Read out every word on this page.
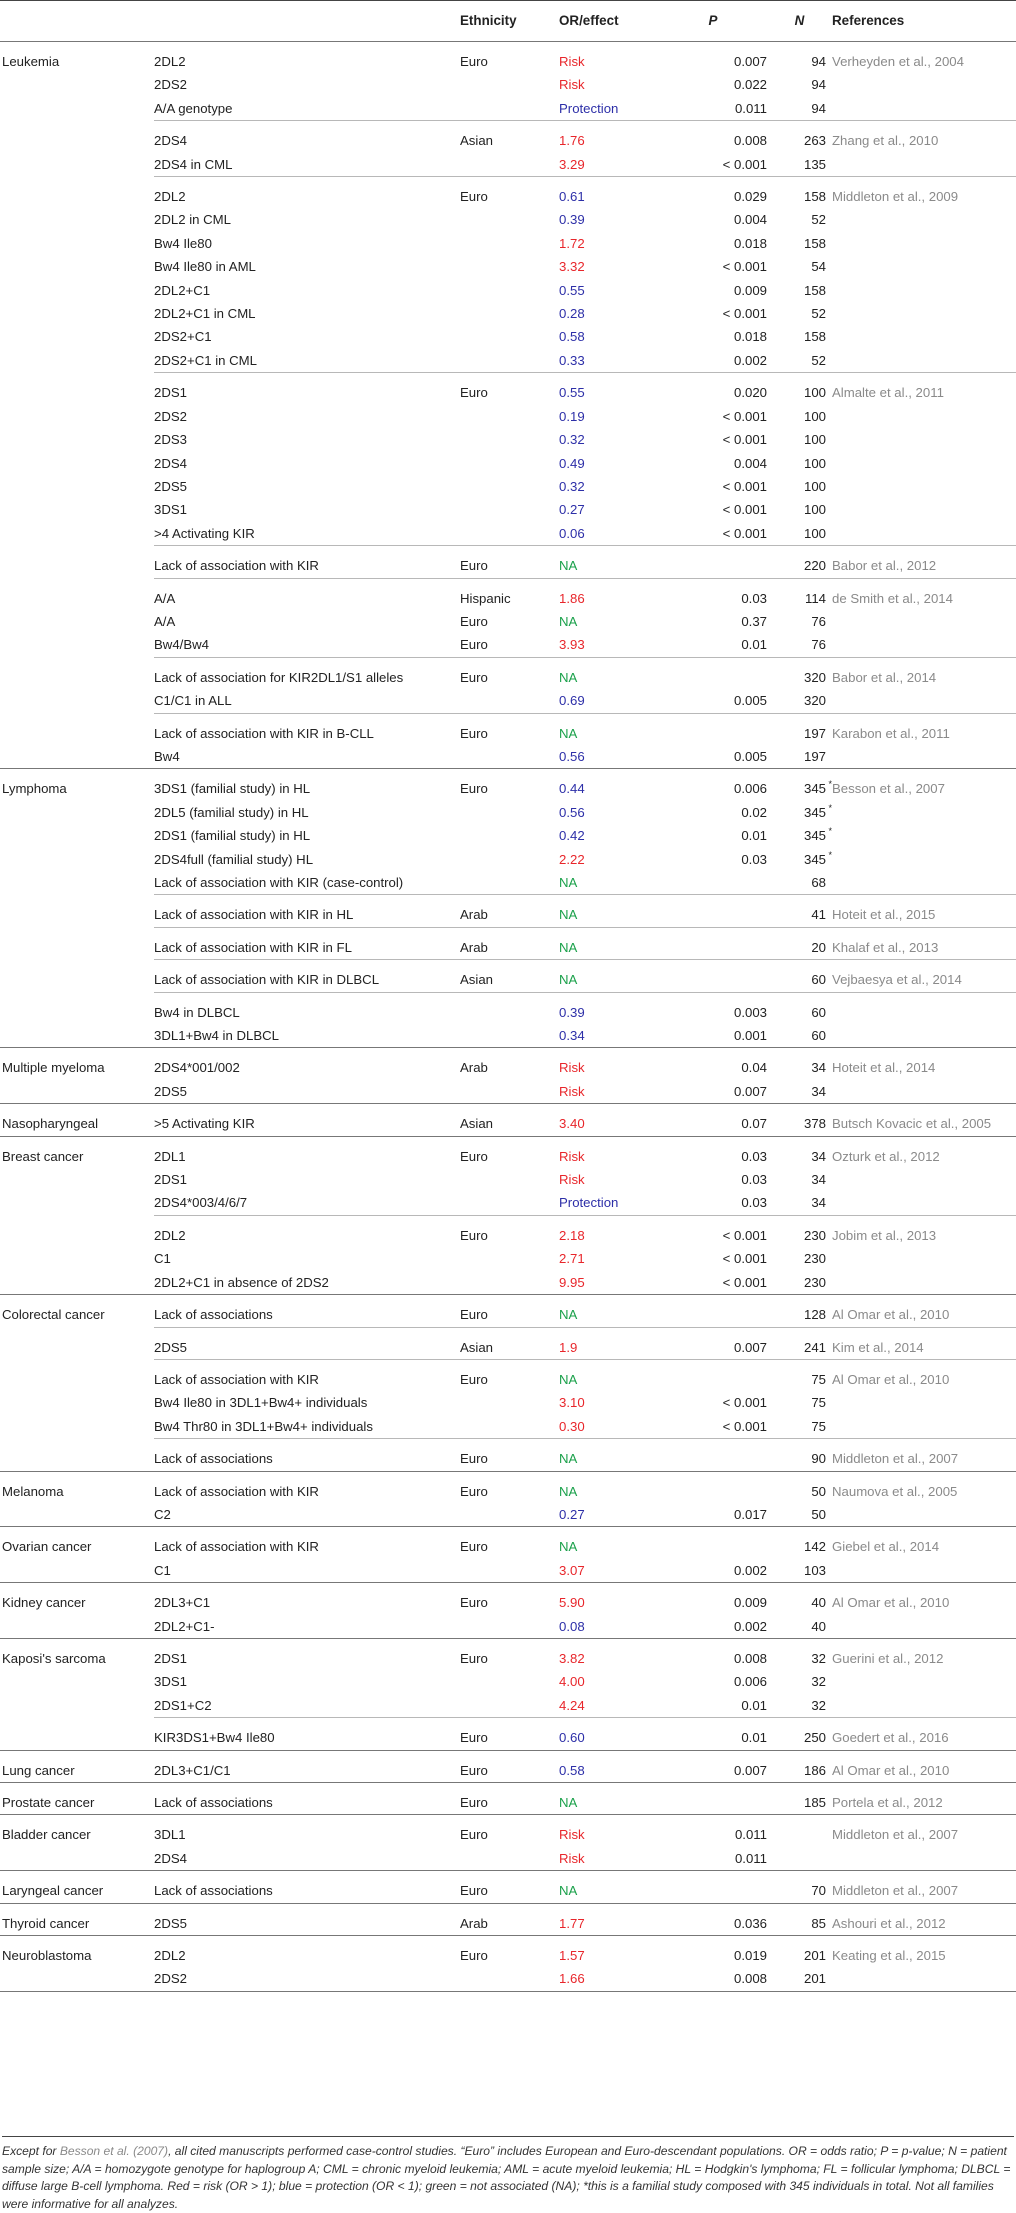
		Ethnicity	OR/effect	P	N	References
Leukemia	2DL2	Euro	Risk	0.007	94	Verheyden et al., 2004
	2DS2		Risk	0.022	94	
	A/A genotype		Protection	0.011	94	
	2DS4	Asian	1.76	0.008	263	Zhang et al., 2010
	2DS4 in CML		3.29	< 0.001	135	
	2DL2	Euro	0.61	0.029	158	Middleton et al., 2009
	2DL2 in CML		0.39	0.004	52	
	Bw4 Ile80		1.72	0.018	158	
	Bw4 Ile80 in AML		3.32	< 0.001	54	
	2DL2+C1		0.55	0.009	158	
	2DL2+C1 in CML		0.28	< 0.001	52	
	2DS2+C1		0.58	0.018	158	
	2DS2+C1 in CML		0.33	0.002	52	
	2DS1	Euro	0.55	0.020	100	Almalte et al., 2011
	2DS2		0.19	< 0.001	100	
	2DS3		0.32	< 0.001	100	
	2DS4		0.49	0.004	100	
	2DS5		0.32	< 0.001	100	
	3DS1		0.27	< 0.001	100	
	>4 Activating KIR		0.06	< 0.001	100	
	Lack of association with KIR	Euro	NA		220	Babor et al., 2012
	A/A	Hispanic	1.86	0.03	114	de Smith et al., 2014
	A/A	Euro	NA	0.37	76	
	Bw4/Bw4	Euro	3.93	0.01	76	
	Lack of association for KIR2DL1/S1 alleles	Euro	NA		320	Babor et al., 2014
	C1/C1 in ALL		0.69	0.005	320	
	Lack of association with KIR in B-CLL	Euro	NA		197	Karabon et al., 2011
	Bw4		0.56	0.005	197	
Lymphoma	3DS1 (familial study) in HL	Euro	0.44	0.006	345 *	Besson et al., 2007
	2DL5 (familial study) in HL		0.56	0.02	345 *	
	2DS1 (familial study) in HL		0.42	0.01	345 *	
	2DS4full (familial study) HL		2.22	0.03	345 *	
	Lack of association with KIR (case-control)		NA		68	
	Lack of association with KIR in HL	Arab	NA		41	Hoteit et al., 2015
	Lack of association with KIR in FL	Arab	NA		20	Khalaf et al., 2013
	Lack of association with KIR in DLBCL	Asian	NA		60	Vejbaesya et al., 2014
	Bw4 in DLBCL		0.39	0.003	60	
	3DL1+Bw4 in DLBCL		0.34	0.001	60	
Multiple myeloma	2DS4*001/002	Arab	Risk	0.04	34	Hoteit et al., 2014
	2DS5		Risk	0.007	34	
Nasopharyngeal	>5 Activating KIR	Asian	3.40	0.07	378	Butsch Kovacic et al., 2005
Breast cancer	2DL1	Euro	Risk	0.03	34	Ozturk et al., 2012
	2DS1		Risk	0.03	34	
	2DS4*003/4/6/7		Protection	0.03	34	
	2DL2	Euro	2.18	< 0.001	230	Jobim et al., 2013
	C1		2.71	< 0.001	230	
	2DL2+C1 in absence of 2DS2		9.95	< 0.001	230	
Colorectal cancer	Lack of associations	Euro	NA		128	Al Omar et al., 2010
	2DS5	Asian	1.9	0.007	241	Kim et al., 2014
	Lack of association with KIR	Euro	NA		75	Al Omar et al., 2010
	Bw4 Ile80 in 3DL1+Bw4+ individuals		3.10	< 0.001	75	
	Bw4 Thr80 in 3DL1+Bw4+ individuals		0.30	< 0.001	75	
	Lack of associations	Euro	NA		90	Middleton et al., 2007
Melanoma	Lack of association with KIR	Euro	NA		50	Naumova et al., 2005
	C2		0.27	0.017	50	
Ovarian cancer	Lack of association with KIR	Euro	NA		142	Giebel et al., 2014
	C1		3.07	0.002	103	
Kidney cancer	2DL3+C1	Euro	5.90	0.009	40	Al Omar et al., 2010
	2DL2+C1-		0.08	0.002	40	
Kaposi's sarcoma	2DS1	Euro	3.82	0.008	32	Guerini et al., 2012
	3DS1		4.00	0.006	32	
	2DS1+C2		4.24	0.01	32	
	KIR3DS1+Bw4 Ile80	Euro	0.60	0.01	250	Goedert et al., 2016
Lung cancer	2DL3+C1/C1	Euro	0.58	0.007	186	Al Omar et al., 2010
Prostate cancer	Lack of associations	Euro	NA		185	Portela et al., 2012
Bladder cancer	3DL1	Euro	Risk	0.011		Middleton et al., 2007
	2DS4		Risk	0.011		
Laryngeal cancer	Lack of associations	Euro	NA		70	Middleton et al., 2007
Thyroid cancer	2DS5	Arab	1.77	0.036	85	Ashouri et al., 2012
Neuroblastoma	2DL2	Euro	1.57	0.019	201	Keating et al., 2015
	2DS2		1.66	0.008	201	
Except for Besson et al. (2007), all cited manuscripts performed case-control studies. “Euro” includes European and Euro-descendant populations. OR = odds ratio; P = p-value; N = patient sample size; A/A = homozygote genotype for haplogroup A; CML = chronic myeloid leukemia; AML = acute myeloid leukemia; HL = Hodgkin's lymphoma; FL = follicular lymphoma; DLBCL = diffuse large B-cell lymphoma. Red = risk (OR > 1); blue = protection (OR < 1); green = not associated (NA); *this is a familial study composed with 345 individuals in total. Not all families were informative for all analyzes.
